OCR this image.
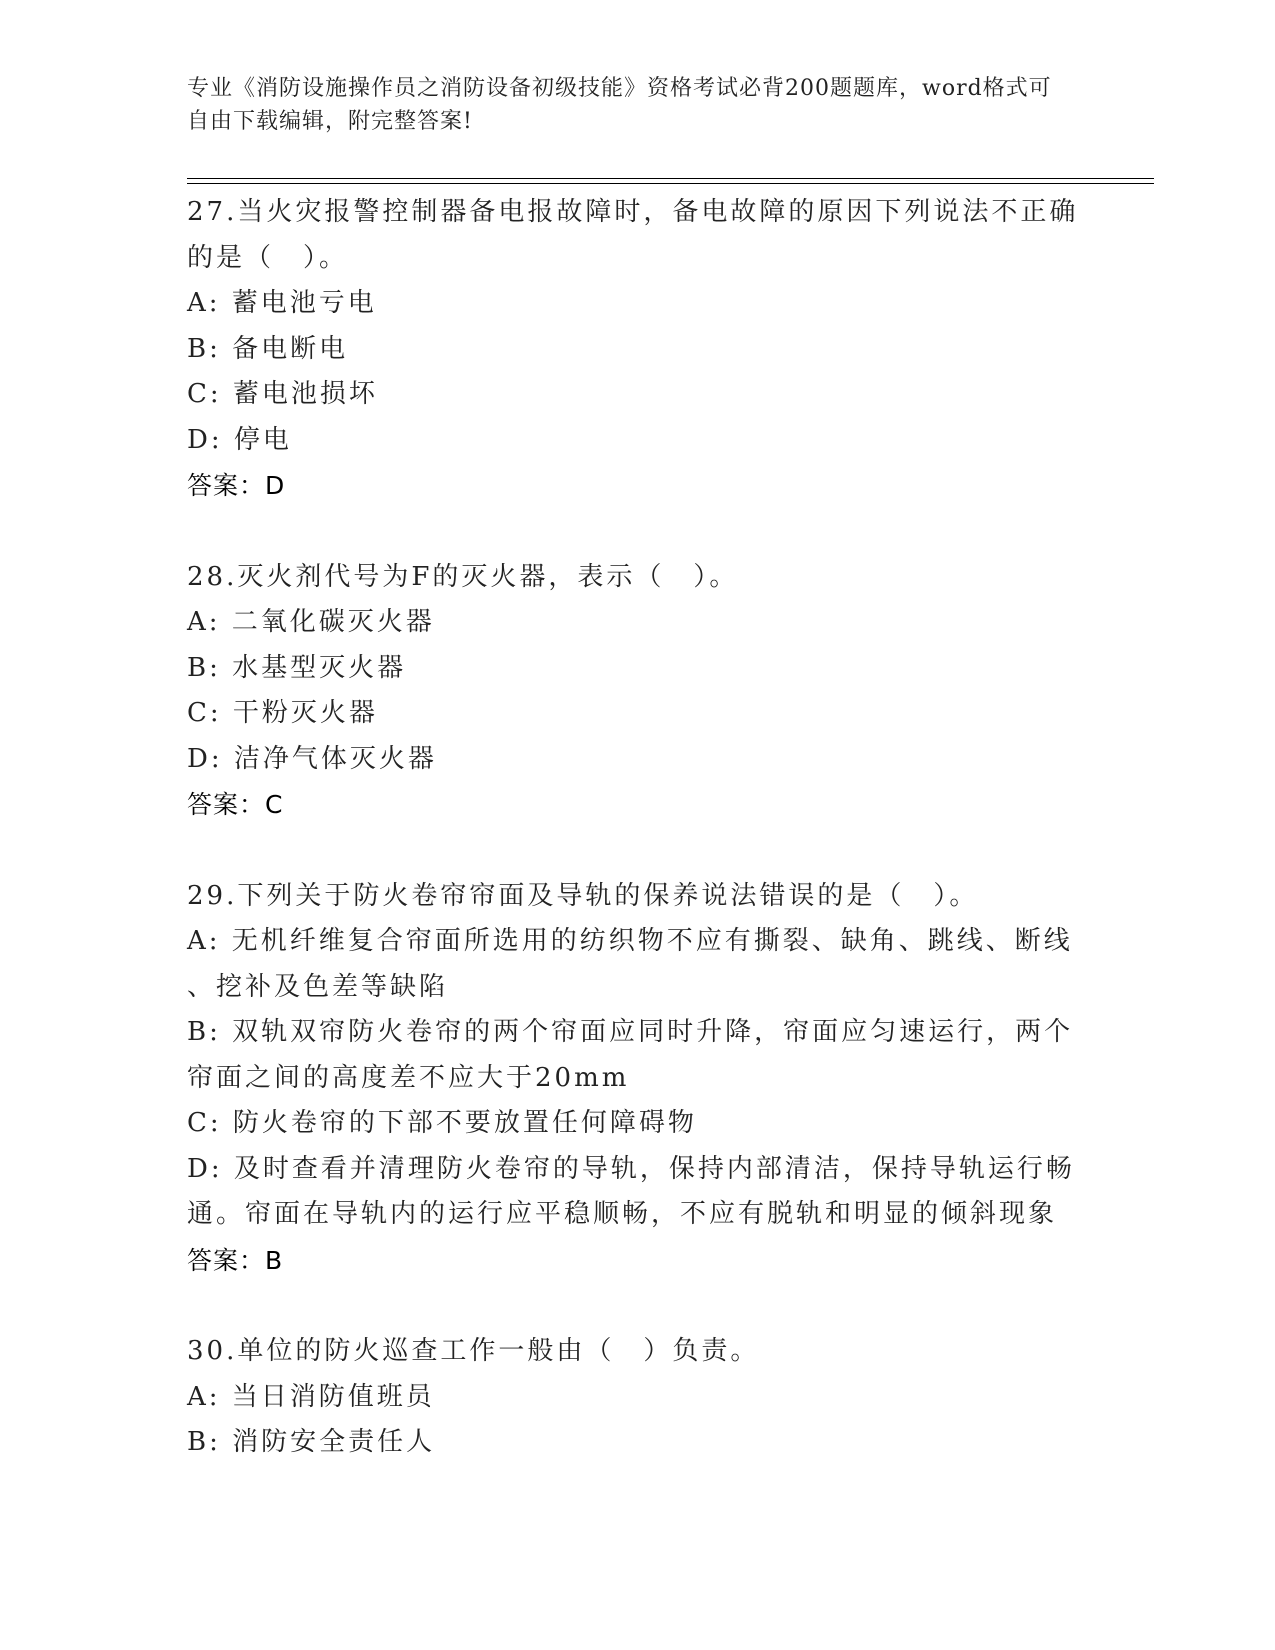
专业《消防设施操作员之消防设备初级技能》资格考试必背200题题库，word格式可自由下载编辑，附完整答案!
27.当火灾报警控制器备电报故障时，备电故障的原因下列说法不正确
的是（　）。
A: 蓄电池亏电
B: 备电断电
C: 蓄电池损坏
D: 停电
答案：D
28.灭火剂代号为F的灭火器，表示（　）。
A: 二氧化碳灭火器
B: 水基型灭火器
C: 干粉灭火器
D: 洁净气体灭火器
答案：C
29.下列关于防火卷帘帘面及导轨的保养说法错误的是（　）。
A: 无机纤维复合帘面所选用的纺织物不应有撕裂、缺角、跳线、断线
、挖补及色差等缺陷
B: 双轨双帘防火卷帘的两个帘面应同时升降，帘面应匀速运行，两个
帘面之间的高度差不应大于20mm
C: 防火卷帘的下部不要放置任何障碍物
D: 及时查看并清理防火卷帘的导轨，保持内部清洁，保持导轨运行畅
通。帘面在导轨内的运行应平稳顺畅，不应有脱轨和明显的倾斜现象
答案：B
30.单位的防火巡查工作一般由（　）负责。
A: 当日消防值班员
B: 消防安全责任人
